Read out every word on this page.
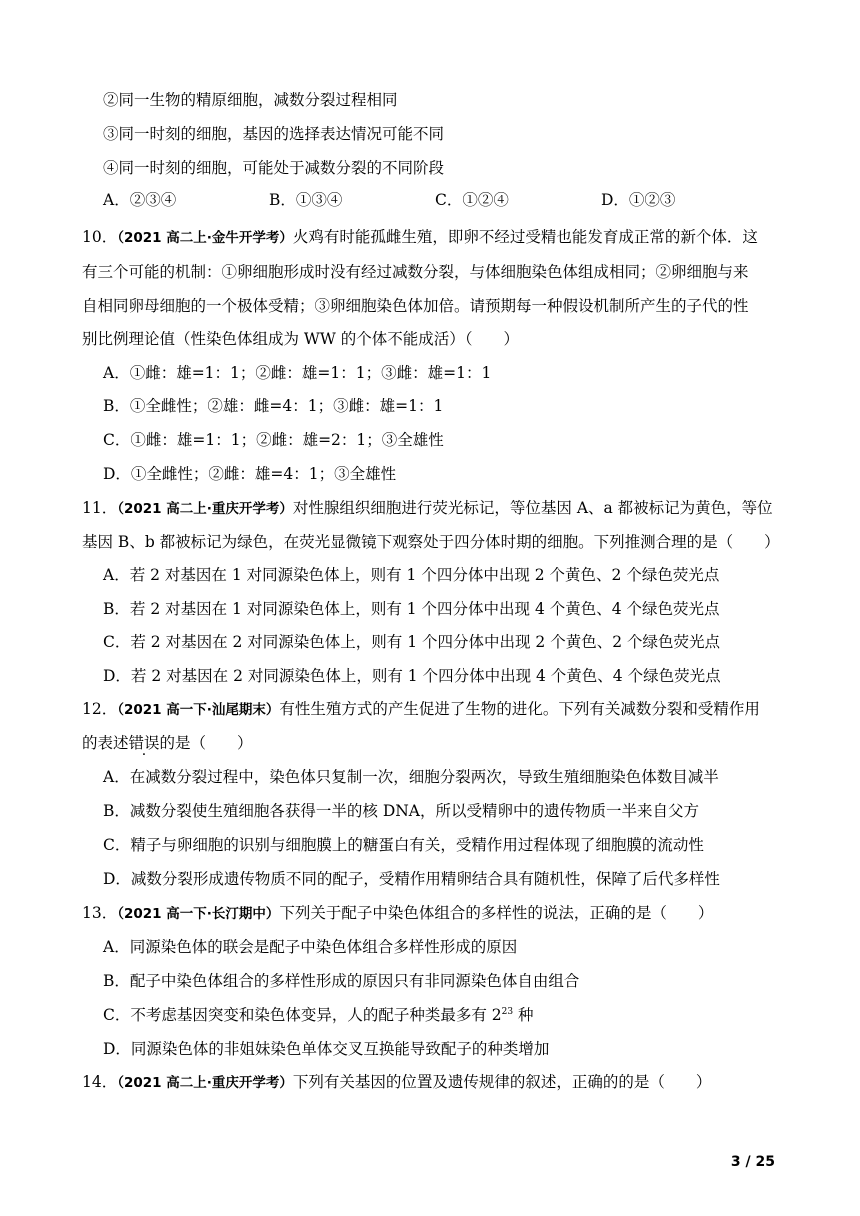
②同一生物的精原细胞，减数分裂过程相同
③同一时刻的细胞，基因的选择表达情况可能不同
④同一时刻的细胞，可能处于减数分裂的不同阶段
A．②③④	B．①③④	C．①②④	D．①②③
10．（2021 高二上·金牛开学考）火鸡有时能孤雌生殖，即卵不经过受精也能发育成正常的新个体．这
有三个可能的机制：①卵细胞形成时没有经过减数分裂，与体细胞染色体组成相同；②卵细胞与来
自相同卵母细胞的一个极体受精；③卵细胞染色体加倍。请预期每一种假设机制所产生的子代的性
别比例理论值（性染色体组成为 WW 的个体不能成活）（　　）
A．①雌：雄=1：1；②雌：雄=1：1；③雌：雄=1：1
B．①全雌性；②雄：雌=4：1；③雌：雄=1：1
C．①雌：雄=1：1；②雌：雄=2：1；③全雄性
D．①全雌性；②雌：雄=4：1；③全雄性
11．（2021 高二上·重庆开学考）对性腺组织细胞进行荧光标记，等位基因 A、a 都被标记为黄色，等位
基因 B、b 都被标记为绿色，在荧光显微镜下观察处于四分体时期的细胞。下列推测合理的是（　　）
A．若 2 对基因在 1 对同源染色体上，则有 1 个四分体中出现 2 个黄色、2 个绿色荧光点
B．若 2 对基因在 1 对同源染色体上，则有 1 个四分体中出现 4 个黄色、4 个绿色荧光点
C．若 2 对基因在 2 对同源染色体上，则有 1 个四分体中出现 2 个黄色、2 个绿色荧光点
D．若 2 对基因在 2 对同源染色体上，则有 1 个四分体中出现 4 个黄色、4 个绿色荧光点
12．（2021 高一下·汕尾期末）有性生殖方式的产生促进了生物的进化。下列有关减数分裂和受精作用
的表述错误的是（　　）
A．在减数分裂过程中，染色体只复制一次，细胞分裂两次，导致生殖细胞染色体数目减半
B．减数分裂使生殖细胞各获得一半的核 DNA，所以受精卵中的遗传物质一半来自父方
C．精子与卵细胞的识别与细胞膜上的糖蛋白有关，受精作用过程体现了细胞膜的流动性
D．减数分裂形成遗传物质不同的配子，受精作用精卵结合具有随机性，保障了后代多样性
13．（2021 高一下·长汀期中）下列关于配子中染色体组合的多样性的说法，正确的是（　　）
A．同源染色体的联会是配子中染色体组合多样性形成的原因
B．配子中染色体组合的多样性形成的原因只有非同源染色体自由组合
C．不考虑基因突变和染色体变异，人的配子种类最多有 $2^{23}$ 种
D．同源染色体的非姐妹染色单体交叉互换能导致配子的种类增加
14．（2021 高二上·重庆开学考）下列有关基因的位置及遗传规律的叙述，正确的的是（　　）
3 / 25
